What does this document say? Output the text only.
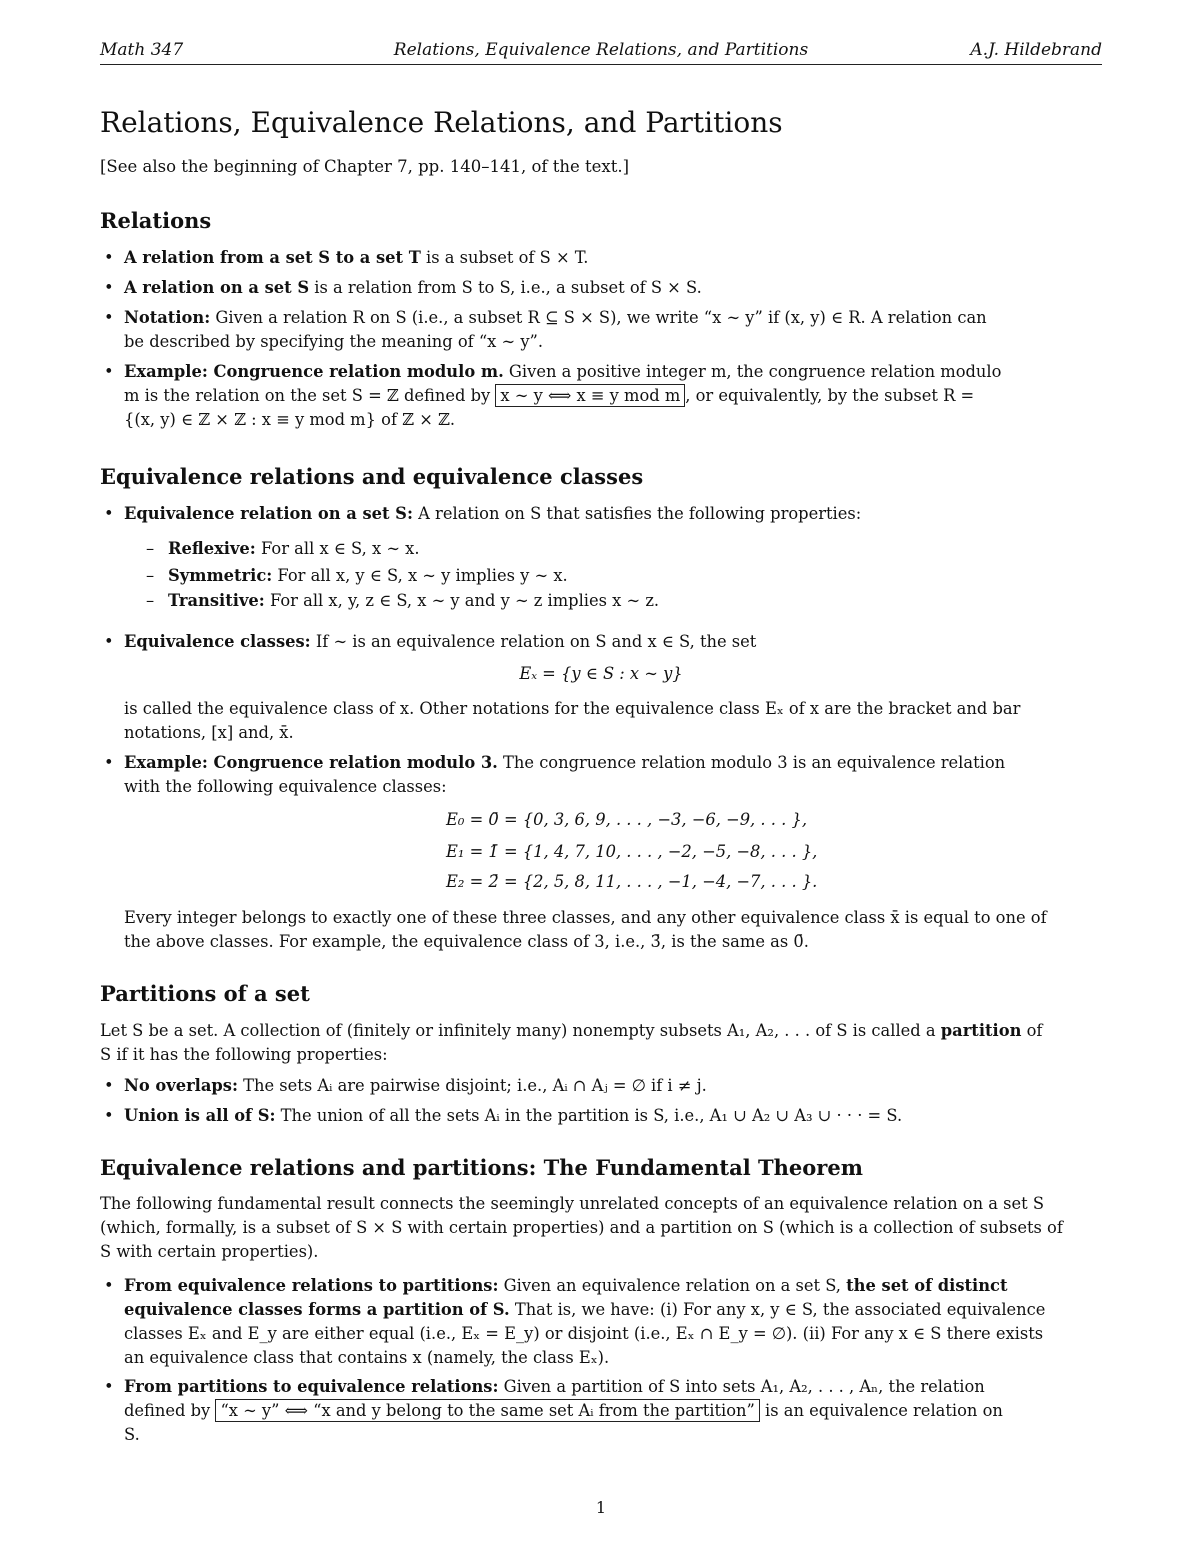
Math 347	Relations, Equivalence Relations, and Partitions	A.J. Hildebrand
Relations, Equivalence Relations, and Partitions
[See also the beginning of Chapter 7, pp. 140–141, of the text.]
Relations
• A relation from a set S to a set T is a subset of S × T.
• A relation on a set S is a relation from S to S, i.e., a subset of S × S.
• Notation: Given a relation R on S (i.e., a subset R ⊆ S × S), we write “x ∼ y” if (x, y) ∈ R. A relation can
be described by specifying the meaning of “x ∼ y”.
• Example: Congruence relation modulo m. Given a positive integer m, the congruence relation modulo
m is the relation on the set S = ℤ defined by x ∼ y ⟺ x ≡ y mod m , or equivalently, by the subset R =
{(x, y) ∈ ℤ × ℤ : x ≡ y mod m} of ℤ × ℤ.
Equivalence relations and equivalence classes
• Equivalence relation on a set S: A relation on S that satisfies the following properties:
– Reflexive: For all x ∈ S, x ∼ x.
– Symmetric: For all x, y ∈ S, x ∼ y implies y ∼ x.
– Transitive: For all x, y, z ∈ S, x ∼ y and y ∼ z implies x ∼ z.
• Equivalence classes: If ∼ is an equivalence relation on S and x ∈ S, the set
Eₓ = {y ∈ S : x ∼ y}
is called the equivalence class of x. Other notations for the equivalence class Eₓ of x are the bracket and bar
notations, [x] and, x̄.
• Example: Congruence relation modulo 3. The congruence relation modulo 3 is an equivalence relation
with the following equivalence classes:
E₀ = 0̄ = {0, 3, 6, 9, . . . , −3, −6, −9, . . . },
E₁ = 1̄ = {1, 4, 7, 10, . . . , −2, −5, −8, . . . },
E₂ = 2̄ = {2, 5, 8, 11, . . . , −1, −4, −7, . . . }.
Every integer belongs to exactly one of these three classes, and any other equivalence class x̄ is equal to one of
the above classes. For example, the equivalence class of 3, i.e., 3̄, is the same as 0̄.
Partitions of a set
Let S be a set. A collection of (finitely or infinitely many) nonempty subsets A₁, A₂, . . . of S is called a partition of
S if it has the following properties:
• No overlaps: The sets Aᵢ are pairwise disjoint; i.e., Aᵢ ∩ Aⱼ = ∅ if i ≠ j.
• Union is all of S: The union of all the sets Aᵢ in the partition is S, i.e., A₁ ∪ A₂ ∪ A₃ ∪ · · · = S.
Equivalence relations and partitions: The Fundamental Theorem
The following fundamental result connects the seemingly unrelated concepts of an equivalence relation on a set S
(which, formally, is a subset of S × S with certain properties) and a partition on S (which is a collection of subsets of
S with certain properties).
• From equivalence relations to partitions: Given an equivalence relation on a set S, the set of distinct
equivalence classes forms a partition of S. That is, we have: (i) For any x, y ∈ S, the associated equivalence
classes Eₓ and E_y are either equal (i.e., Eₓ = E_y) or disjoint (i.e., Eₓ ∩ E_y = ∅). (ii) For any x ∈ S there exists
an equivalence class that contains x (namely, the class Eₓ).
• From partitions to equivalence relations: Given a partition of S into sets A₁, A₂, . . . , Aₙ, the relation
defined by “x ∼ y” ⟺ “x and y belong to the same set Aᵢ from the partition” is an equivalence relation on
S.
1
